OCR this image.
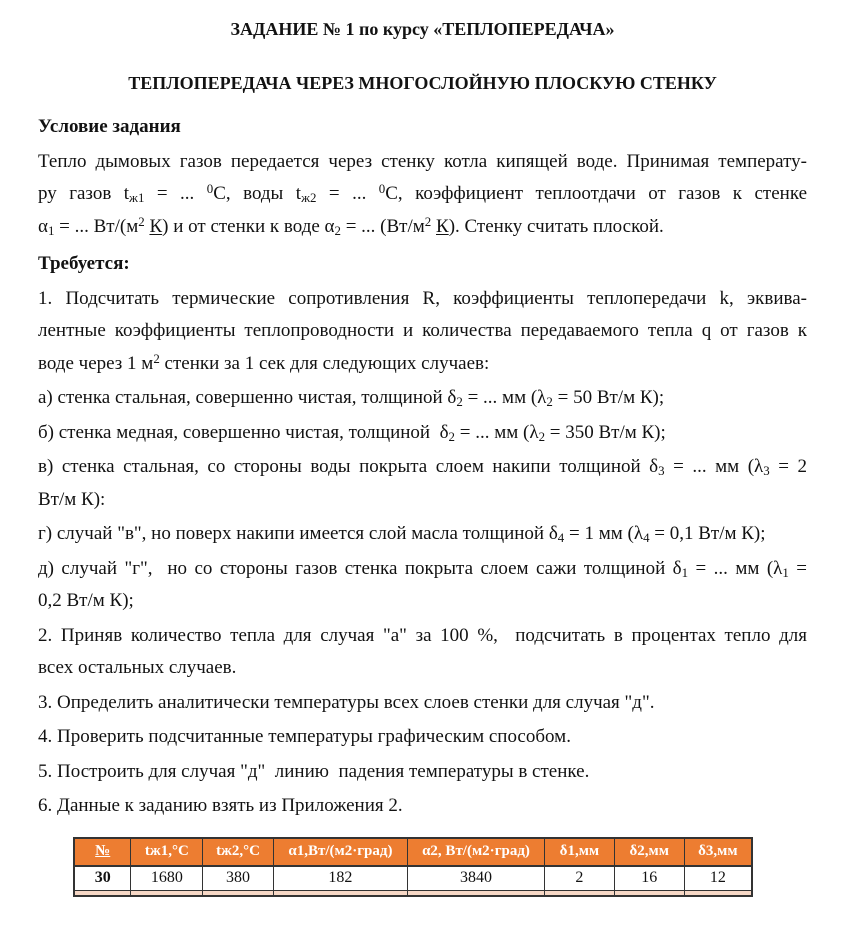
ЗАДАНИЕ № 1 по курсу «ТЕПЛОПЕРЕДАЧА»
ТЕПЛОПЕРЕДАЧА ЧЕРЕЗ МНОГОСЛОЙНУЮ ПЛОСКУЮ СТЕНКУ
Условие задания
Тепло дымовых газов передается через стенку котла кипящей воде. Принимая температу-
ру газов $t_{ж1}$ = ... $^0$С, воды $t_{ж2}$ = ... $^0$С, коэффициент теплоотдачи от газов к стенке
$\alpha_1$ = ... $Вт/(м^2$ К) и от стенки к воде $\alpha_2$ = ... ($Вт/м^2$ К). Стенку считать плоской.
Требуется:
1. Подсчитать термические сопротивления R, коэффициенты теплопередачи k, эквива-
лентные коэффициенты теплопроводности и количества передаваемого тепла q от газов к
воде через 1 $м^2$ стенки за 1 сек для следующих случаев:
а) стенка стальная, совершенно чистая, толщиной $\delta_2$ = ... мм ($\lambda_2 = 50$ Вт/м К);
б) стенка медная, совершенно чистая, толщиной  $\delta_2$ = ... мм ($\lambda_2 = 350$ Вт/м К);
в) стенка стальная, со стороны воды покрыта слоем накипи толщиной $\delta_3$ = ... мм ($\lambda_3 = 2$
Вт/м К):
г) случай "в", но поверх накипи имеется слой масла толщиной $\delta_4 = 1$ мм ($\lambda_4 = 0,1$ Вт/м К);
д) случай "г",  но со стороны газов стенка покрыта слоем сажи толщиной $\delta_1$ = ... мм ($\lambda_1$ =
0,2 Вт/м К);
2. Приняв количество тепла для случая "а" за 100 %,  подсчитать в процентах тепло для
всех остальных случаев.
3. Определить аналитически температуры всех слоев стенки для случая "д".
4. Проверить подсчитанные температуры графическим способом.
5. Построить для случая "д"  линию  падения температуры в стенке.
6. Данные к заданию взять из Приложения 2.
№	tж1,°С	tж2,°С	α1,Вт/(м2·град)	α2, Вт/(м2·град)	δ1,мм	δ2,мм	δ3,мм
30	1680	380	182	3840	2	16	12
